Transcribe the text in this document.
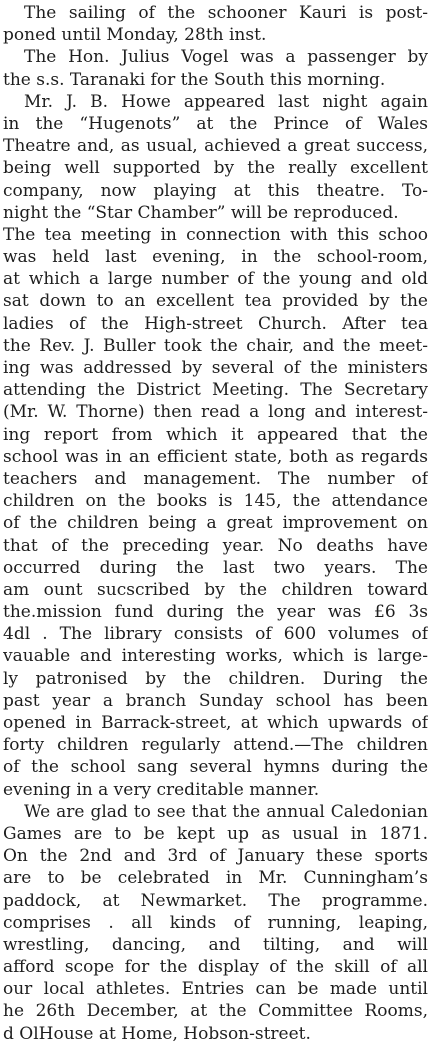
The sailing of the schooner Kauri is post-
poned until Monday, 28th inst.
The Hon. Julius Vogel was a passenger by
the s.s. Taranaki for the South this morning.
Mr. J. B. Howe appeared last night again
in the “Hugenots” at the Prince of Wales
Theatre and, as usual, achieved a great success,
being well supported by the really excellent
company, now playing at this theatre. To-
night the “Star Chamber” will be reproduced.
The tea meeting in connection with this schoo
was held last evening, in the school-room,
at which a large number of the young and old
sat down to an excellent tea provided by the
ladies of the High-street Church. After tea
the Rev. J. Buller took the chair, and the meet-
ing was addressed by several of the ministers
attending the District Meeting. The Secretary
(Mr. W. Thorne) then read a long and interest-
ing report from which it appeared that the
school was in an efficient state, both as regards
teachers and management. The number of
children on the books is 145, the attendance
of the children being a great improvement on
that of the preceding year. No deaths have
occurred during the last two years. The
am ount sucscribed by the children toward
the.mission fund during the year was £6 3s
4dl . The library consists of 600 volumes of
vauable and interesting works, which is large-
ly patronised by the children. During the
past year a branch Sunday school has been
opened in Barrack-street, at which upwards of
forty children regularly attend.—The children
of the school sang several hymns during the
evening in a very creditable manner.
We are glad to see that the annual Caledonian
Games are to be kept up as usual in 1871.
On the 2nd and 3rd of January these sports
are to be celebrated in Mr. Cunningham’s
paddock, at Newmarket. The programme.
comprises . all kinds of running, leaping,
wrestling, dancing, and tilting, and will
afford scope for the display of the skill of all
our local athletes. Entries can be made until
he 26th December, at the Committee Rooms,
d OlHouse at Home, Hobson-street.
